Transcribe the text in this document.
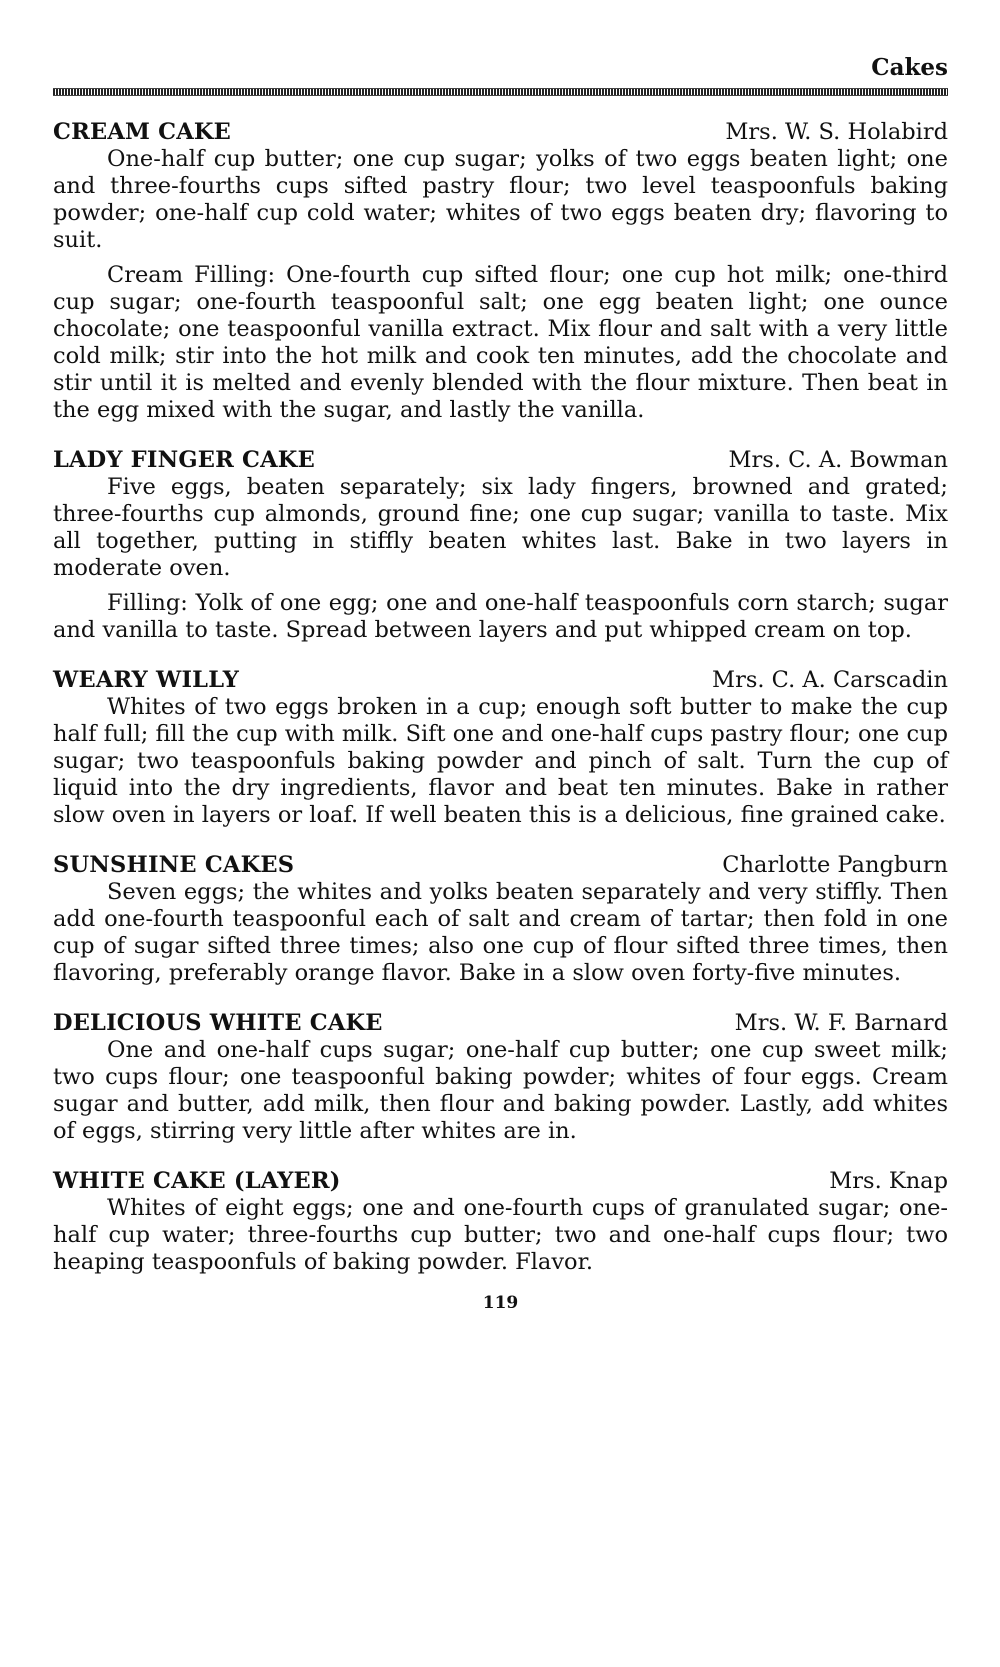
Cakes
CREAM CAKE	Mrs. W. S. Holabird

One-half cup butter; one cup sugar; yolks of two eggs beaten light; one and three-fourths cups sifted pastry flour; two level teaspoonfuls baking powder; one-half cup cold water; whites of two eggs beaten dry; flavoring to suit.

Cream Filling: One-fourth cup sifted flour; one cup hot milk; one-third cup sugar; one-fourth teaspoonful salt; one egg beaten light; one ounce chocolate; one teaspoonful vanilla extract. Mix flour and salt with a very little cold milk; stir into the hot milk and cook ten minutes, add the chocolate and stir until it is melted and evenly blended with the flour mixture. Then beat in the egg mixed with the sugar, and lastly the vanilla.

LADY FINGER CAKE	Mrs. C. A. Bowman

Five eggs, beaten separately; six lady fingers, browned and grated; three-fourths cup almonds, ground fine; one cup sugar; vanilla to taste. Mix all together, putting in stiffly beaten whites last. Bake in two layers in moderate oven.

Filling: Yolk of one egg; one and one-half teaspoonfuls corn starch; sugar and vanilla to taste. Spread between layers and put whipped cream on top.

WEARY WILLY	Mrs. C. A. Carscadin

Whites of two eggs broken in a cup; enough soft butter to make the cup half full; fill the cup with milk. Sift one and one-half cups pastry flour; one cup sugar; two teaspoonfuls baking powder and pinch of salt. Turn the cup of liquid into the dry ingredients, flavor and beat ten minutes. Bake in rather slow oven in layers or loaf. If well beaten this is a delicious, fine grained cake.

SUNSHINE CAKES	Charlotte Pangburn

Seven eggs; the whites and yolks beaten separately and very stiffly. Then add one-fourth teaspoonful each of salt and cream of tartar; then fold in one cup of sugar sifted three times; also one cup of flour sifted three times, then flavoring, preferably orange flavor. Bake in a slow oven forty-five minutes.

DELICIOUS WHITE CAKE	Mrs. W. F. Barnard

One and one-half cups sugar; one-half cup butter; one cup sweet milk; two cups flour; one teaspoonful baking powder; whites of four eggs. Cream sugar and butter, add milk, then flour and baking powder. Lastly, add whites of eggs, stirring very little after whites are in.

WHITE CAKE (LAYER)	Mrs. Knap

Whites of eight eggs; one and one-fourth cups of granulated sugar; one-half cup water; three-fourths cup butter; two and one-half cups flour; two heaping teaspoonfuls of baking powder. Flavor.

119
